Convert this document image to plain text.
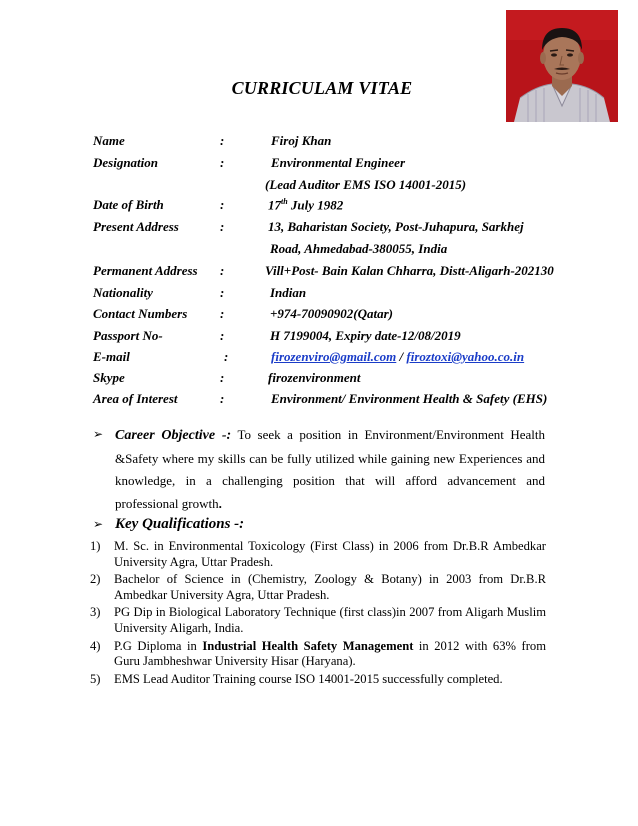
CURRICULAM VITAE
Name	:	Firoj Khan
Designation	:	Environmental Engineer
(Lead Auditor EMS ISO 14001-2015)
Date of Birth	:	17th July 1982
Present Address	:	13, Baharistan Society, Post-Juhapura, Sarkhej
Road, Ahmedabad-380055, India
Permanent Address :	Vill+Post- Bain Kalan Chharra, Distt-Aligarh-202130
Nationality	:	Indian
Contact Numbers	:	+974-70090902(Qatar)
Passport No-	:	H 7199004, Expiry date-12/08/2019
E-mail	:	firozenviro@gmail.com / firoztoxi@yahoo.co.in
Skype	:	firozenvironment
Area of Interest	:	Environment/ Environment Health & Safety (EHS)
➢ Career Objective -: To seek a position in Environment/Environment Health &Safety where my skills can be fully utilized while gaining new Experiences and knowledge, in a challenging position that will afford advancement and professional growth.
➢ Key Qualifications -:
1) M. Sc. in Environmental Toxicology (First Class) in 2006 from Dr.B.R Ambedkar University Agra, Uttar Pradesh.
2) Bachelor of Science in (Chemistry, Zoology & Botany) in 2003 from Dr.B.R Ambedkar University Agra, Uttar Pradesh.
3) PG Dip in Biological Laboratory Technique (first class)in 2007 from Aligarh Muslim University Aligarh, India.
4) P.G Diploma in Industrial Health Safety Management in 2012 with 63% from Guru Jambheshwar University Hisar (Haryana).
5) EMS Lead Auditor Training course ISO 14001-2015 successfully completed.
